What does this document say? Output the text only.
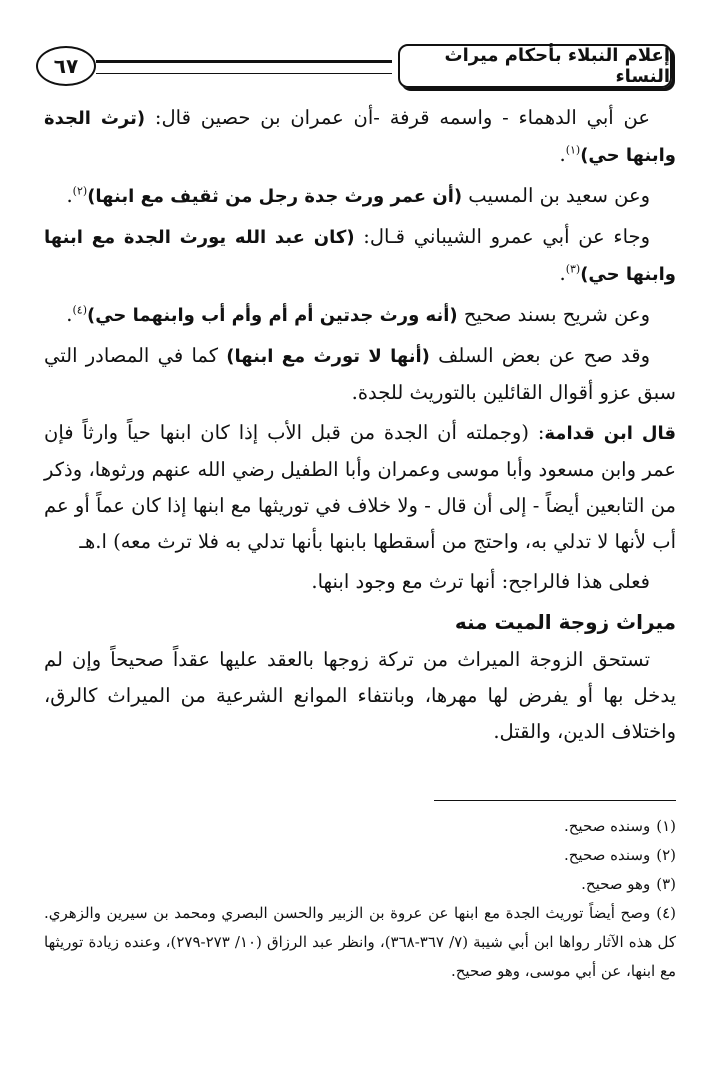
٦٧	إعلام النبلاء بأحكام ميراث النساء

عن أبي الدهماء - واسمه قرفة -أن عمران بن حصين قال: (ترث الجدة وابنها حي)$^{(١)}$.

وعن سعيد بن المسيب (أن عمر ورث جدة رجل من ثقيف مع ابنها)$^{(٢)}$.

وجاء عن أبي عمرو الشيباني قـال: (كان عبد الله يورث الجدة مع ابنها وابنها حي)$^{(٣)}$.

وعن شريح بسند صحيح (أنه ورث جدتين أم أم وأم أب وابنهما حي)$^{(٤)}$.

وقد صح عن بعض السلف (أنها لا تورث مع ابنها) كما في المصادر التي سبق عزو أقوال القائلين بالتوريث للجدة.

قال ابن قدامة: (وجملته أن الجدة من قبل الأب إذا كان ابنها حياً وارثاً فإن عمر وابن مسعود وأبا موسى وعمران وأبا الطفيل رضي الله عنهم ورثوها، وذكر من التابعين أيضاً - إلى أن قال - ولا خلاف في توريثها مع ابنها إذا كان عماً أو عم أب لأنها لا تدلي به، واحتج من أسقطها بابنها بأنها تدلي به فلا ترث معه) ا.هـ

فعلى هذا فالراجح: أنها ترث مع وجود ابنها.

ميراث زوجة الميت منه

تستحق الزوجة الميراث من تركة زوجها بالعقد عليها عقداً صحيحاً وإن لم يدخل بها أو يفرض لها مهرها، وبانتفاء الموانع الشرعية من الميراث كالرق، واختلاف الدين، والقتل.

(١)وسنده صحيح.

(٢)وسنده صحيح.

(٣)وهو صحيح.

(٤)وصح أيضاً توريث الجدة مع ابنها عن عروة بن الزبير والحسن البصري ومحمد بن سيرين والزهري. كل هذه الآثار رواها ابن أبي شيبة (٧/ ٣٦٧-٣٦٨)، وانظر عبد الرزاق (١٠/ ٢٧٣-٢٧٩)، وعنده زيادة توريثها مع ابنها، عن أبي موسى، وهو صحيح.
